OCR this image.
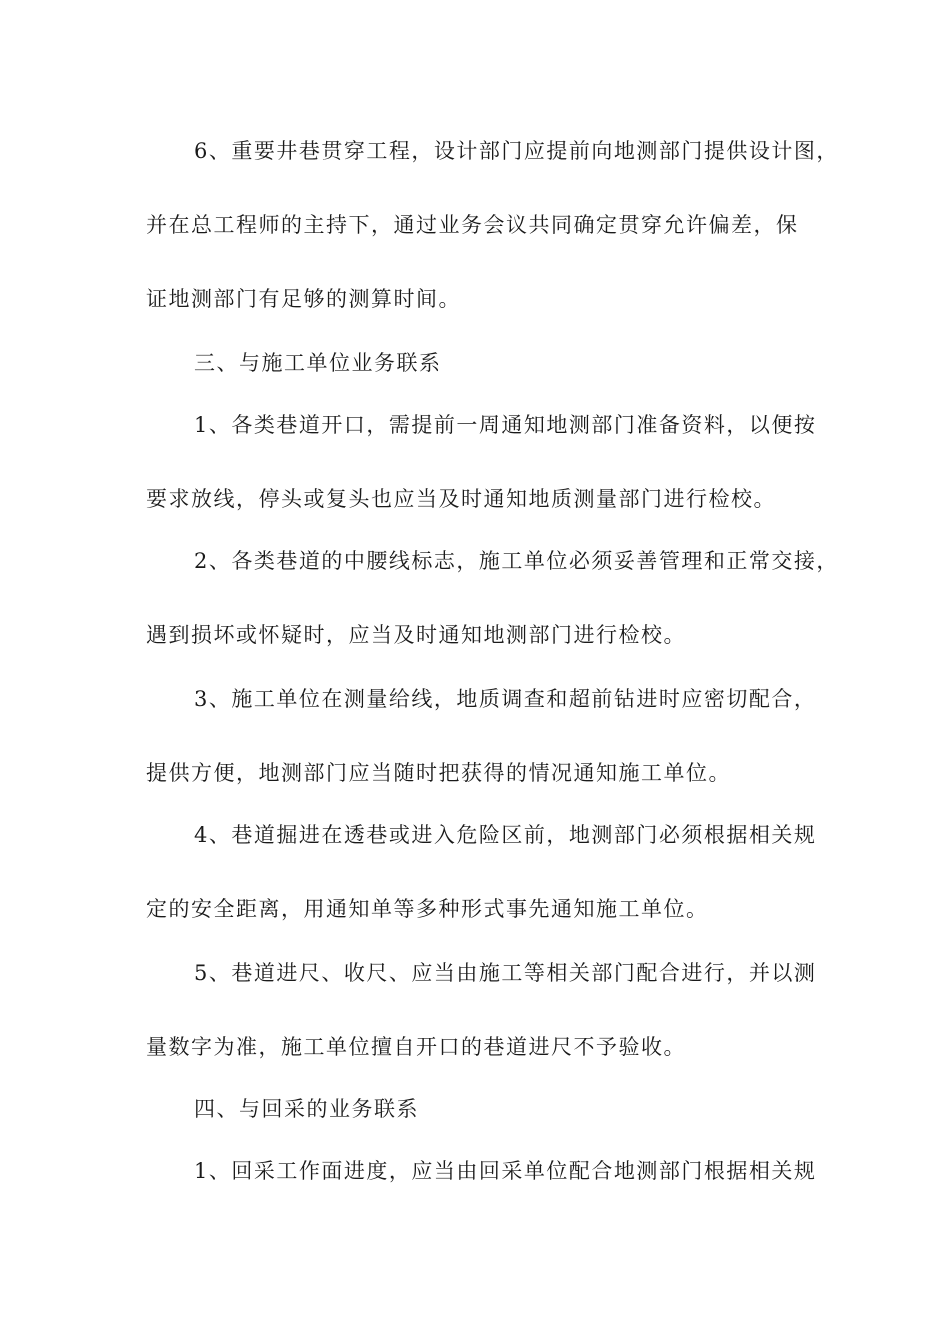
6、重要井巷贯穿工程，设计部门应提前向地测部门提供设计图，
并在总工程师的主持下，通过业务会议共同确定贯穿允许偏差，保
证地测部门有足够的测算时间。
三、与施工单位业务联系
1、各类巷道开口，需提前一周通知地测部门准备资料，以便按
要求放线，停头或复头也应当及时通知地质测量部门进行检校。
2、各类巷道的中腰线标志，施工单位必须妥善管理和正常交接，
遇到损坏或怀疑时，应当及时通知地测部门进行检校。
3、施工单位在测量给线，地质调查和超前钻进时应密切配合，
提供方便，地测部门应当随时把获得的情况通知施工单位。
4、巷道掘进在透巷或进入危险区前，地测部门必须根据相关规
定的安全距离，用通知单等多种形式事先通知施工单位。
5、巷道进尺、收尺、应当由施工等相关部门配合进行，并以测
量数字为准，施工单位擅自开口的巷道进尺不予验收。
四、与回采的业务联系
1、回采工作面进度，应当由回采单位配合地测部门根据相关规
